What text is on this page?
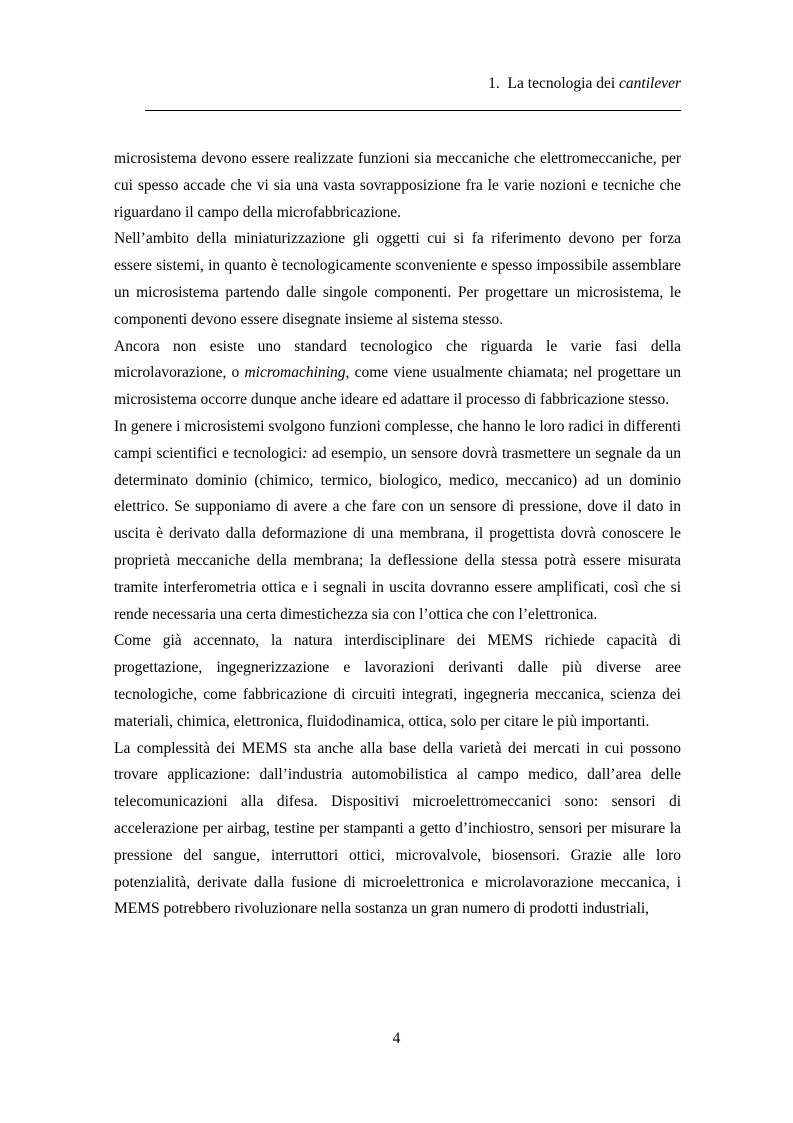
1. La tecnologia dei cantilever

microsistema devono essere realizzate funzioni sia meccaniche che elettromeccaniche, per cui spesso accade che vi sia una vasta sovrapposizione fra le varie nozioni e tecniche che riguardano il campo della microfabbricazione.

Nell’ambito della miniaturizzazione gli oggetti cui si fa riferimento devono per forza essere sistemi, in quanto è tecnologicamente sconveniente e spesso impossibile assemblare un microsistema partendo dalle singole componenti. Per progettare un microsistema, le componenti devono essere disegnate insieme al sistema stesso.

Ancora non esiste uno standard tecnologico che riguarda le varie fasi della microlavorazione, o micromachining, come viene usualmente chiamata; nel progettare un microsistema occorre dunque anche ideare ed adattare il processo di fabbricazione stesso.

In genere i microsistemi svolgono funzioni complesse, che hanno le loro radici in differenti campi scientifici e tecnologici: ad esempio, un sensore dovrà trasmettere un segnale da un determinato dominio (chimico, termico, biologico, medico, meccanico) ad un dominio elettrico. Se supponiamo di avere a che fare con un sensore di pressione, dove il dato in uscita è derivato dalla deformazione di una membrana, il progettista dovrà conoscere le proprietà meccaniche della membrana; la deflessione della stessa potrà essere misurata tramite interferometria ottica e i segnali in uscita dovranno essere amplificati, così che si rende necessaria una certa dimestichezza sia con l’ottica che con l’elettronica.

Come già accennato, la natura interdisciplinare dei MEMS richiede capacità di progettazione, ingegnerizzazione e lavorazioni derivanti dalle più diverse aree tecnologiche, come fabbricazione di circuiti integrati, ingegneria meccanica, scienza dei materiali, chimica, elettronica, fluidodinamica, ottica, solo per citare le più importanti.

La complessità dei MEMS sta anche alla base della varietà dei mercati in cui possono trovare applicazione: dall’industria automobilistica al campo medico, dall’area delle telecomunicazioni alla difesa. Dispositivi microelettromeccanici sono: sensori di accelerazione per airbag, testine per stampanti a getto d’inchiostro, sensori per misurare la pressione del sangue, interruttori ottici, microvalvole, biosensori. Grazie alle loro potenzialità, derivate dalla fusione di microelettronica e microlavorazione meccanica, i MEMS potrebbero rivoluzionare nella sostanza un gran numero di prodotti industriali,

4
